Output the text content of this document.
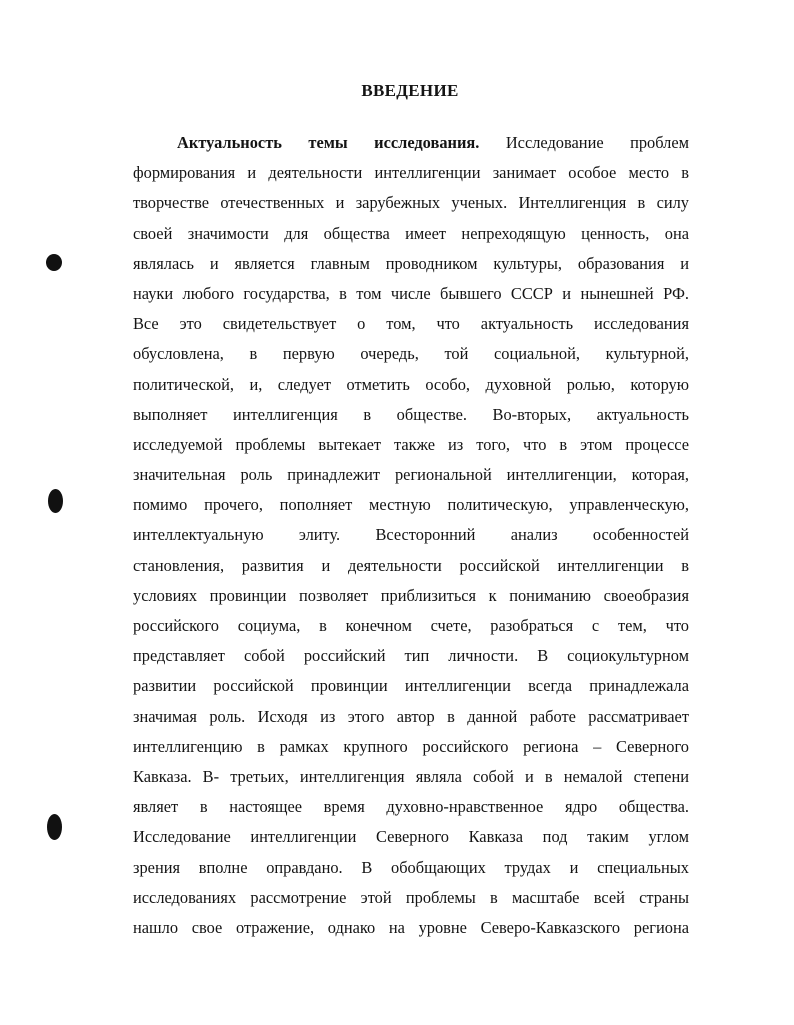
ВВЕДЕНИЕ
Актуальность темы исследования. Исследование проблем
формирования и деятельности интеллигенции занимает особое место в
творчестве отечественных и зарубежных ученых. Интеллигенция в силу
своей значимости для общества имеет непреходящую ценность, она
являлась и является главным проводником культуры, образования и
науки любого государства, в том числе бывшего СССР и нынешней РФ.
Все это свидетельствует о том, что актуальность исследования
обусловлена, в первую очередь, той социальной, культурной,
политической, и, следует отметить особо, духовной ролью, которую
выполняет интеллигенция в обществе. Во-вторых, актуальность
исследуемой проблемы вытекает также из того, что в этом процессе
значительная роль принадлежит региональной интеллигенции, которая,
помимо прочего, пополняет местную политическую, управленческую,
интеллектуальную элиту. Всесторонний анализ особенностей
становления, развития и деятельности российской интеллигенции в
условиях провинции позволяет приблизиться к пониманию своеобразия
российского социума, в конечном счете, разобраться с тем, что
представляет собой российский тип личности. В социокультурном
развитии российской провинции интеллигенции всегда принадлежала
значимая роль. Исходя из этого автор в данной работе рассматривает
интеллигенцию в рамках крупного российского региона – Северного
Кавказа. В- третьих, интеллигенция являла собой и в немалой степени
являет в настоящее время духовно-нравственное ядро общества.
Исследование интеллигенции Северного Кавказа под таким углом
зрения вполне оправдано. В обобщающих трудах и специальных
исследованиях рассмотрение этой проблемы в масштабе всей страны
нашло свое отражение, однако на уровне Северо-Кавказского региона
